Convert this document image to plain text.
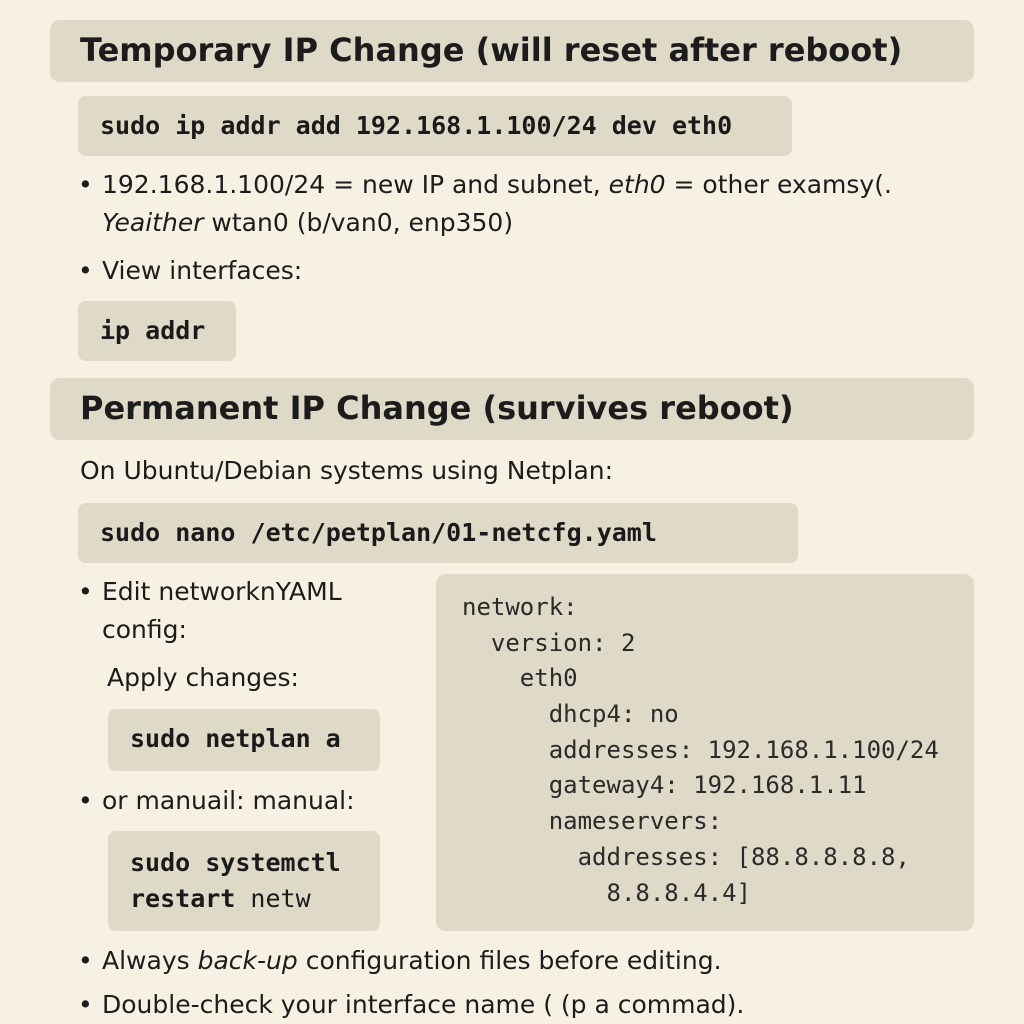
Temporary IP Change (will reset after reboot)
sudo ip addr add 192.168.1.100/24 dev eth0
• 192.168.1.100/24 = new IP and subnet, eth0 = other examsy(.
Yeaither wtan0 (b/van0, enp350)
• View interfaces:
ip addr
Permanent IP Change (survives reboot)
On Ubuntu/Debian systems using Netplan:
sudo nano /etc/petplan/01-netcfg.yaml
• Edit networknYAML
config:
Apply changes:
sudo netplan a
• or manuail: manual:
sudo systemctl
restart netw
network:
version: 2
eth0
dhcp4: no
addresses: 192.168.1.100/24
gateway4: 192.168.1.11
nameservers:
addresses: [88.8.8.8.8,
8.8.8.4.4]
• Always back-up configuration files before editing.
• Double-check your interface name ( (p a commad).
